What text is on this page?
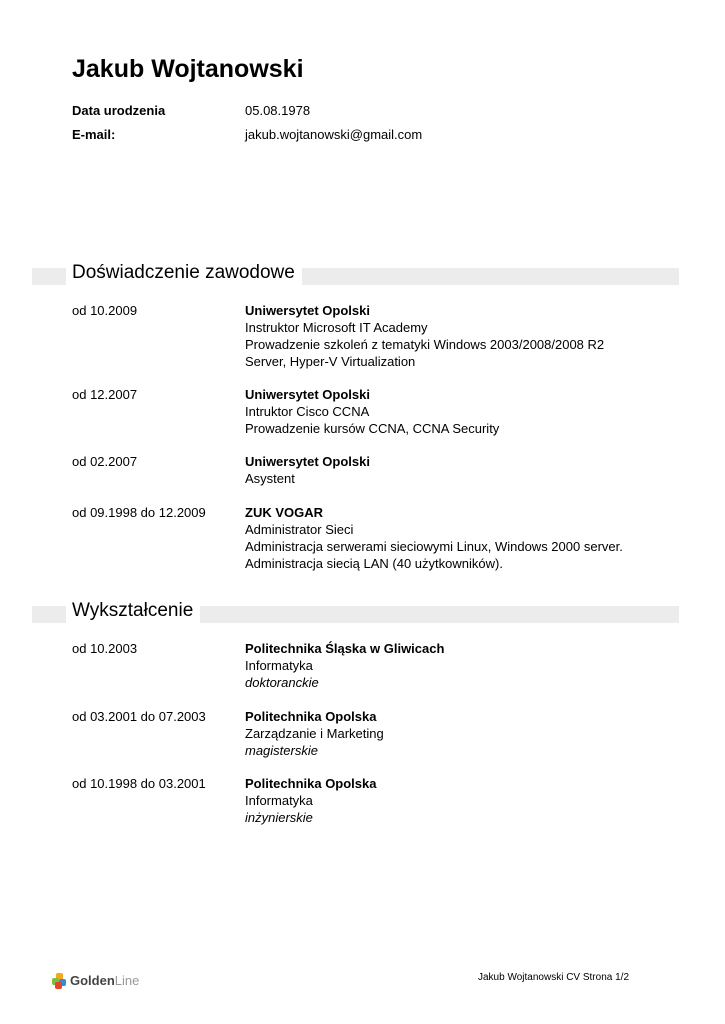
Jakub Wojtanowski
Data urodzenia	05.08.1978
E-mail:	jakub.wojtanowski@gmail.com
Doświadczenie zawodowe
od 10.2009	Uniwersytet Opolski
Instruktor Microsoft IT Academy
Prowadzenie szkoleń z tematyki Windows 2003/2008/2008 R2
Server, Hyper-V Virtualization
od 12.2007	Uniwersytet Opolski
Intruktor Cisco CCNA
Prowadzenie kursów CCNA, CCNA Security
od 02.2007	Uniwersytet Opolski
Asystent
od 09.1998 do 12.2009	ZUK VOGAR
Administrator Sieci
Administracja serwerami sieciowymi Linux, Windows 2000 server.
Administracja siecią LAN (40 użytkowników).
Wykształcenie
od 10.2003	Politechnika Śląska w Gliwicach
Informatyka
doktoranckie
od 03.2001 do 07.2003	Politechnika Opolska
Zarządzanie i Marketing
magisterskie
od 10.1998 do 03.2001	Politechnika Opolska
Informatyka
inżynierskie
GoldenLine	Jakub Wojtanowski CV Strona 1/2
